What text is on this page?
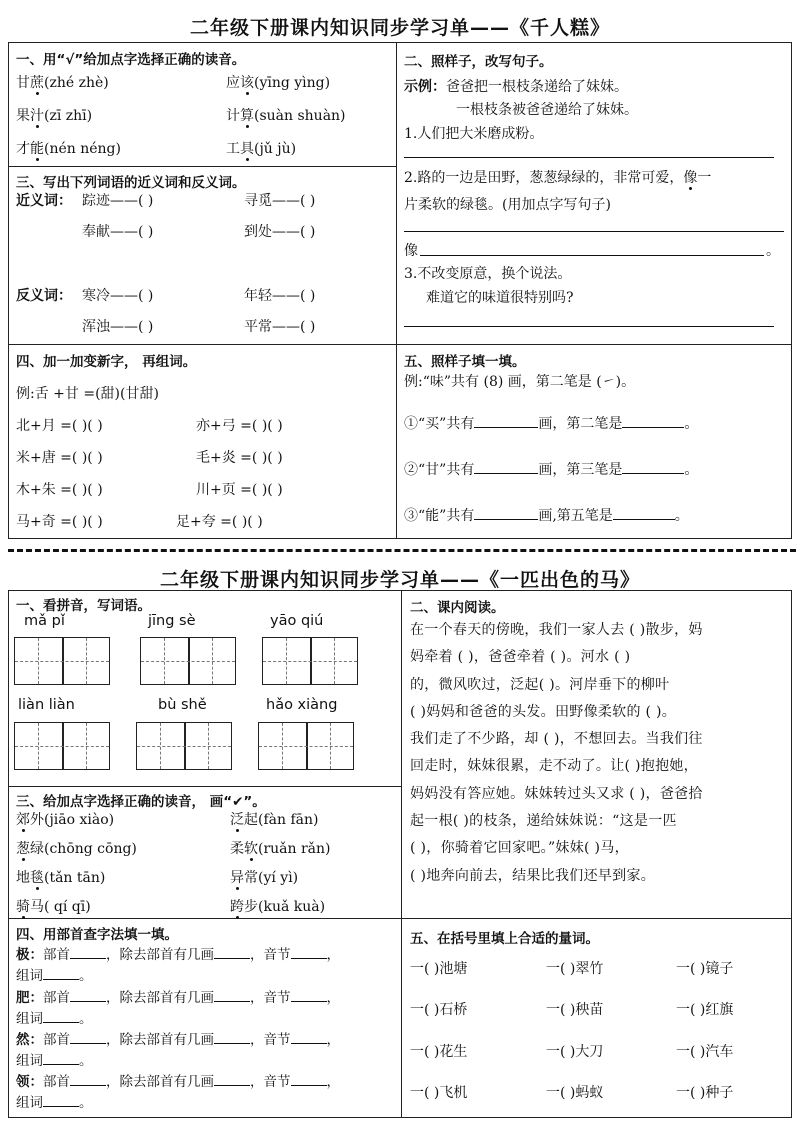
二年级下册课内知识同步学习单——《千人糕》
一、用“√”给加点字选择正确的读音。
甘蔗(zhé zhè)	应该(yīng yìng)
果汁(zī zhī)	计算(suàn shuàn)
才能(nén néng)	工具(jǔ jù)
三、写出下列词语的近义词和反义词。
近义词： 踪迹——( )	寻觅——( )
奉献——( )	到处——( )
反义词： 寒冷——( )	年轻——( )
浑浊——( )	平常——( )
二、照样子，改写句子。
示例：爸爸把一根枝条递给了妹妹。
一根枝条被爸爸递给了妹妹。
1.人们把大米磨成粉。
2.路的一边是田野，葱葱绿绿的，非常可爱，像一
片柔软的绿毯。(用加点字写句子)
像	。
3.不改变原意，换个说法。
难道它的味道很特别吗?
四、加一加变新字， 再组词。
例:舌 +甘 =(甜)(甘甜)
北+月 =( )( )	亦+弓 =( )( )
米+唐 =( )( )	毛+炎 =( )( )
木+朱 =( )( )	川+页 =( )( )
马+奇 =( )( )	足+夸 =( )( )
五、照样子填一填。
例:“味”共有 (8) 画，第二笔是 (㇀)。
①“买”共有	画，第二笔是	。
②“甘”共有	画，第三笔是	。
③“能”共有	画,第五笔是	。
二年级下册课内知识同步学习单——《一匹出色的马》
一、看拼音，写词语。
mǎ pǐ	jīng sè	yāo qiú
liàn liàn	bù shě	hǎo xiàng
三、给加点字选择正确的读音， 画“✔”。
郊外(jiāo xiào)	泛起(fàn fān)
葱绿(chōng cōng)	柔软(ruǎn rǎn)
地毯(tǎn tān)	异常(yí yì)
骑马( qí qī)	跨步(kuǎ kuà)
四、用部首查字法填一填。
极：部首	，除去部首有几画	，音节	，
组词	。
肥：部首	，除去部首有几画	，音节	，
组词	。
然：部首	，除去部首有几画	，音节	，
组词	。
领：部首	，除去部首有几画	，音节	，
组词	。
二、课内阅读。
在一个春天的傍晚，我们一家人去 ( )散步，妈
妈牵着 ( )，爸爸牵着 ( )。河水 ( )
的，微风吹过，泛起( )。河岸垂下的柳叶
( )妈妈和爸爸的头发。田野像柔软的 ( )。
我们走了不少路，却 ( )，不想回去。当我们往
回走时，妹妹很累，走不动了。让( )抱抱她，
妈妈没有答应她。妹妹转过头又求 ( )，爸爸拾
起一根( )的枝条，递给妹妹说：“这是一匹
( )，你骑着它回家吧。”妹妹( )马，
( )地奔向前去，结果比我们还早到家。
五、在括号里填上合适的量词。
一( )池塘	一( )翠竹	一( )镜子
一( )石桥	一( )秧苗	一( )红旗
一( )花生	一( )大刀	一( )汽车
一( )飞机	一( )蚂蚁	一( )种子
